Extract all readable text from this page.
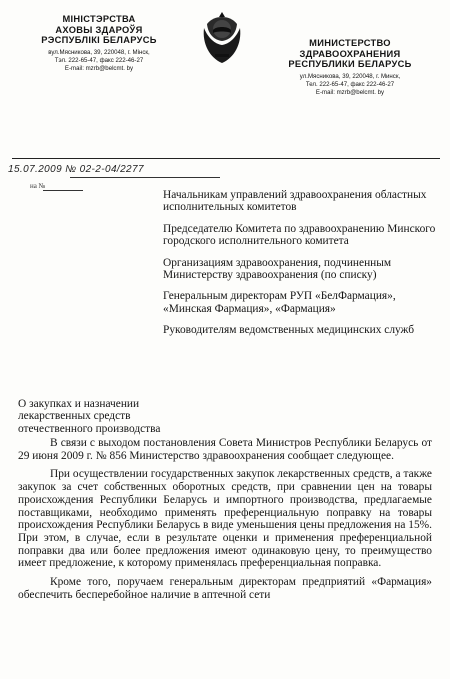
МІНІСТЭРСТВА
АХОВЫ ЗДАРОЎЯ
РЭСПУБЛІКІ БЕЛАРУСЬ
вул.Мясникова, 39, 220048, г. Мінск,
Тэл. 222-65-47, факс 222-46-27
E-mail: mzrb@belcmt. by
МИНИСТЕРСТВО
ЗДРАВООХРАНЕНИЯ
РЕСПУБЛИКИ БЕЛАРУСЬ
ул.Мясникова, 39, 220048, г. Минск,
Тел. 222-65-47, факс 222-46-27
E-mail: mzrb@belcmt. by
15.07.2009 № 02-2-04/2277
на №
Начальникам управлений здравоохранения областных исполнительных комитетов
Председателю Комитета по здравоохранению Минского городского исполнительного комитета
Организациям здравоохранения, подчиненным Министерству здравоохранения (по списку)
Генеральным директорам РУП «БелФармация», «Минская Фармация», «Фармация»
Руководителям ведомственных медицинских служб
О закупках и назначении лекарственных средств отечественного производства

В связи с выходом постановления Совета Министров Республики Беларусь от 29 июня 2009 г. № 856 Министерство здравоохранения сообщает следующее.

При осуществлении государственных закупок лекарственных средств, а также закупок за счет собственных оборотных средств, при сравнении цен на товары происхождения Республики Беларусь и импортного производства, предлагаемые поставщиками, необходимо применять преференциальную поправку на товары происхождения Республики Беларусь в виде уменьшения цены предложения на 15%. При этом, в случае, если в результате оценки и применения преференциальной поправки два или более предложения имеют одинаковую цену, то преимущество имеет предложение, к которому применялась преференциальная поправка.

Кроме того, поручаем генеральным директорам предприятий «Фармация» обеспечить бесперебойное наличие в аптечной сети
